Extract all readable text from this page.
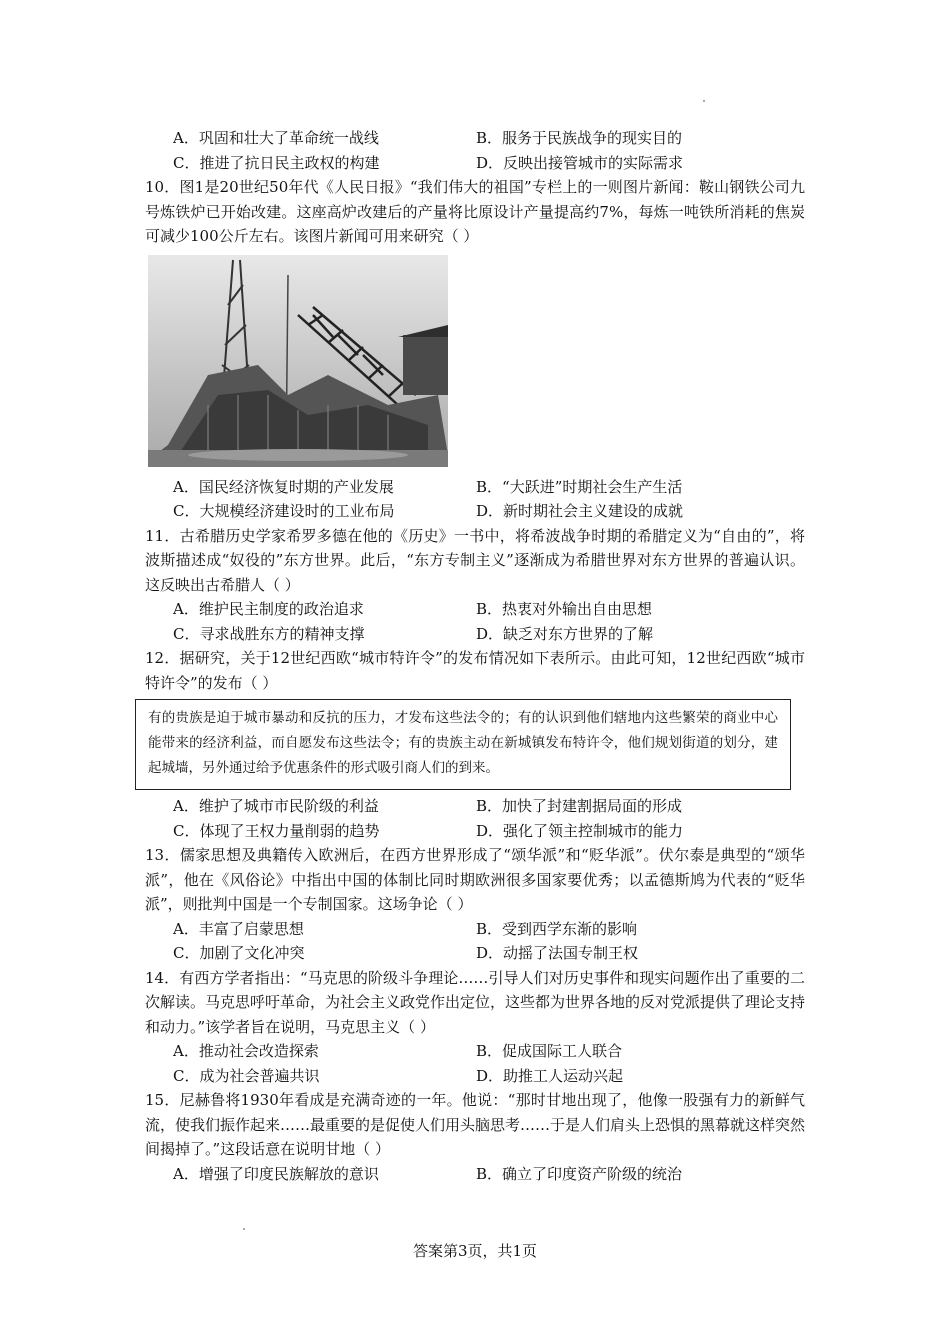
A．巩固和壮大了革命统一战线	B．服务于民族战争的现实目的
C．推进了抗日民主政权的构建	D．反映出接管城市的实际需求

10．图1是20世纪50年代《人民日报》“我们伟大的祖国”专栏上的一则图片新闻：鞍山钢铁公司九号炼铁炉已开始改建。这座高炉改建后的产量将比原设计产量提高约7%，每炼一吨铁所消耗的焦炭可减少100公斤左右。该图片新闻可用来研究（ ）

A．国民经济恢复时期的产业发展	B．“大跃进”时期社会生产生活
C．大规模经济建设时的工业布局	D．新时期社会主义建设的成就

11．古希腊历史学家希罗多德在他的《历史》一书中，将希波战争时期的希腊定义为“自由的”，将波斯描述成“奴役的”东方世界。此后，“东方专制主义”逐渐成为希腊世界对东方世界的普遍认识。这反映出古希腊人（ ）

A．维护民主制度的政治追求	B．热衷对外输出自由思想
C．寻求战胜东方的精神支撑	D．缺乏对东方世界的了解

12．据研究，关于12世纪西欧“城市特许令”的发布情况如下表所示。由此可知，12世纪西欧“城市特许令”的发布（ ）

有的贵族是迫于城市暴动和反抗的压力，才发布这些法令的；有的认识到他们辖地内这些繁荣的商业中心能带来的经济利益，而自愿发布这些法令；有的贵族主动在新城镇发布特许令，他们规划街道的划分，建起城墙，另外通过给予优惠条件的形式吸引商人们的到来。
A．维护了城市市民阶级的利益	B．加快了封建割据局面的形成
C．体现了王权力量削弱的趋势	D．强化了领主控制城市的能力

13．儒家思想及典籍传入欧洲后，在西方世界形成了“颂华派”和“贬华派”。伏尔泰是典型的“颂华派”，他在《风俗论》中指出中国的体制比同时期欧洲很多国家要优秀；以孟德斯鸠为代表的“贬华派”，则批判中国是一个专制国家。这场争论（ ）

A．丰富了启蒙思想	B．受到西学东渐的影响
C．加剧了文化冲突	D．动摇了法国专制王权

14．有西方学者指出：“马克思的阶级斗争理论……引导人们对历史事件和现实问题作出了重要的二次解读。马克思呼吁革命，为社会主义政党作出定位，这些都为世界各地的反对党派提供了理论支持和动力。”该学者旨在说明，马克思主义（ ）

A．推动社会改造探索	B．促成国际工人联合
C．成为社会普遍共识	D．助推工人运动兴起

15．尼赫鲁将1930年看成是充满奇迹的一年。他说：“那时甘地出现了，他像一股强有力的新鲜气流，使我们振作起来……最重要的是促使人们用头脑思考……于是人们肩头上恐惧的黑幕就这样突然间揭掉了。”这段话意在说明甘地（ ）

A．增强了印度民族解放的意识	B．确立了印度资产阶级的统治
答案第3页，共1页
